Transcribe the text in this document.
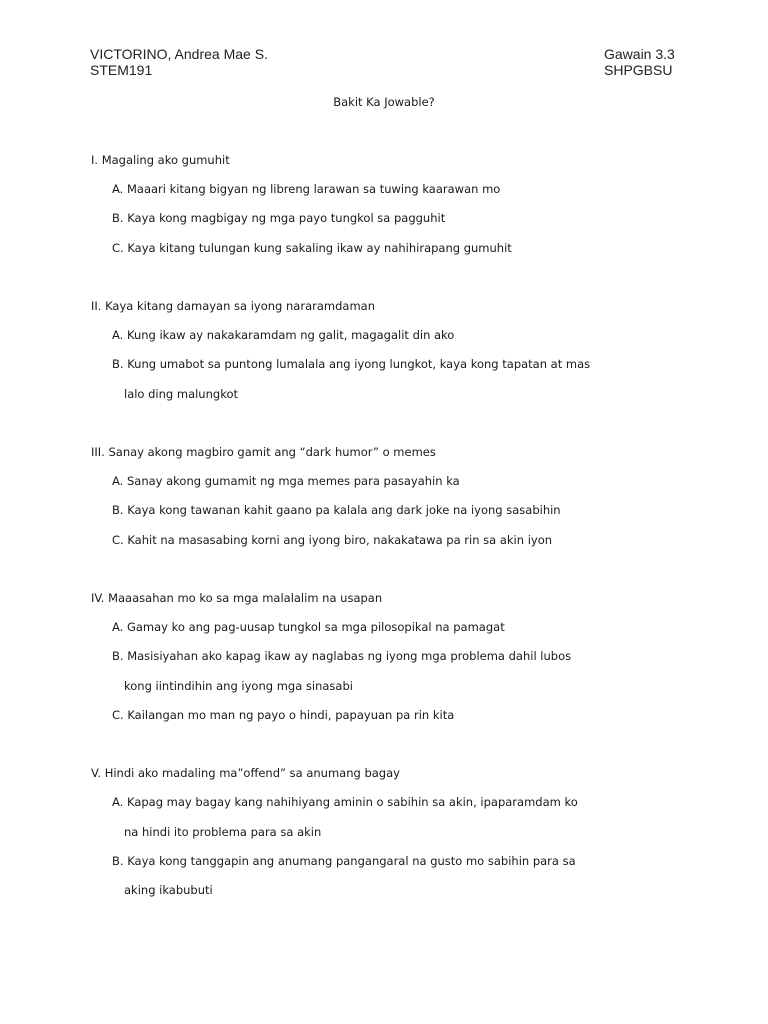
VICTORINO, Andrea Mae S.
STEM191
Gawain 3.3
SHPGBSU
Bakit Ka Jowable?
I. Magaling ako gumuhit
A. Maaari kitang bigyan ng libreng larawan sa tuwing kaarawan mo
B. Kaya kong magbigay ng mga payo tungkol sa pagguhit
C. Kaya kitang tulungan kung sakaling ikaw ay nahihirapang gumuhit
II. Kaya kitang damayan sa iyong nararamdaman
A. Kung ikaw ay nakakaramdam ng galit, magagalit din ako
B. Kung umabot sa puntong lumalala ang iyong lungkot, kaya kong tapatan at mas
lalo ding malungkot
III. Sanay akong magbiro gamit ang “dark humor” o memes
A. Sanay akong gumamit ng mga memes para pasayahin ka
B. Kaya kong tawanan kahit gaano pa kalala ang dark joke na iyong sasabihin
C. Kahit na masasabing korni ang iyong biro, nakakatawa pa rin sa akin iyon
IV. Maaasahan mo ko sa mga malalalim na usapan
A. Gamay ko ang pag-uusap tungkol sa mga pilosopikal na pamagat
B. Masisiyahan ako kapag ikaw ay naglabas ng iyong mga problema dahil lubos
kong iintindihin ang iyong mga sinasabi
C. Kailangan mo man ng payo o hindi, papayuan pa rin kita
V. Hindi ako madaling ma”offend” sa anumang bagay
A. Kapag may bagay kang nahihiyang aminin o sabihin sa akin, ipaparamdam ko
na hindi ito problema para sa akin
B. Kaya kong tanggapin ang anumang pangangaral na gusto mo sabihin para sa
aking ikabubuti
